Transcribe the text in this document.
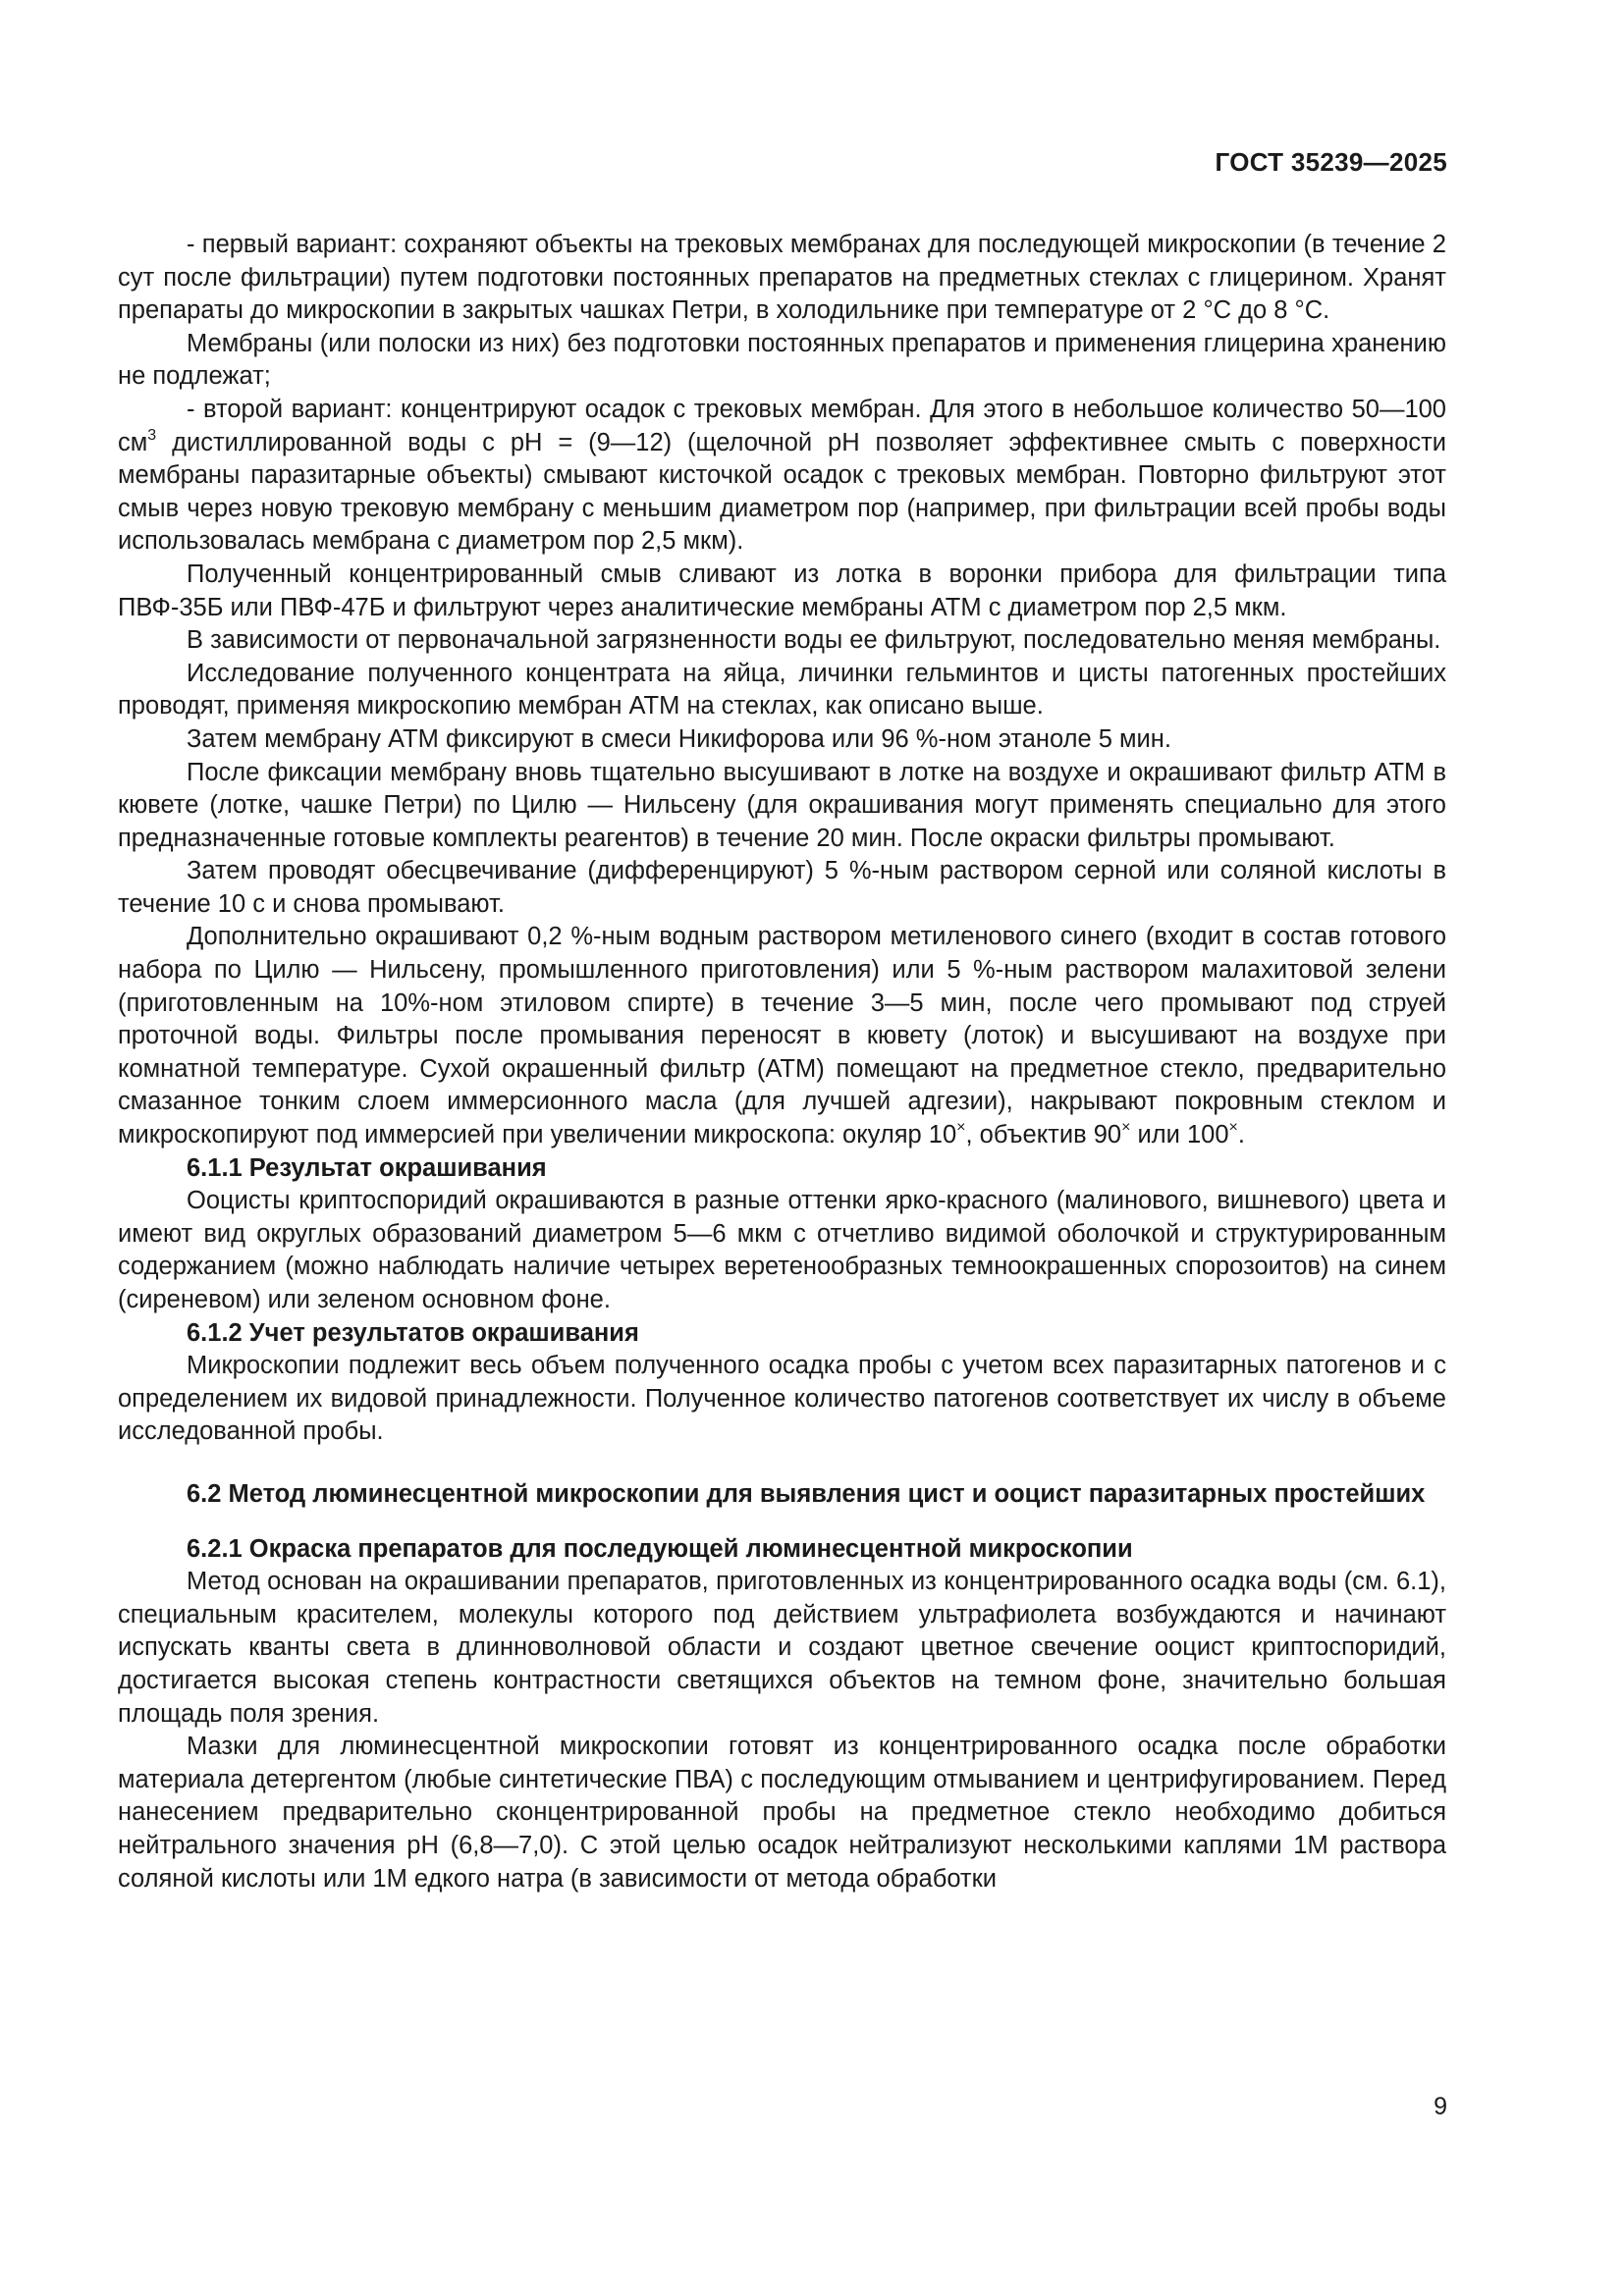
ГОСТ 35239—2025

- первый вариант: сохраняют объекты на трековых мембранах для последующей микроскопии (в течение 2 сут после фильтрации) путем подготовки постоянных препаратов на предметных стеклах с глицерином. Хранят препараты до микроскопии в закрытых чашках Петри, в холодильнике при температуре от 2 °С до 8 °С.

Мембраны (или полоски из них) без подготовки постоянных препаратов и применения глицерина хранению не подлежат;

- второй вариант: концентрируют осадок с трековых мембран. Для этого в небольшое количество 50—100 $см^3$ дистиллированной воды с pH = (9—12) (щелочной pH позволяет эффективнее смыть с поверхности мембраны паразитарные объекты) смывают кисточкой осадок с трековых мембран. Повторно фильтруют этот смыв через новую трековую мембрану с меньшим диаметром пор (например, при фильтрации всей пробы воды использовалась мембрана с диаметром пор 2,5 мкм).

Полученный концентрированный смыв сливают из лотка в воронки прибора для фильтрации типа ПВФ-35Б или ПВФ-47Б и фильтруют через аналитические мембраны АТМ с диаметром пор 2,5 мкм.

В зависимости от первоначальной загрязненности воды ее фильтруют, последовательно меняя мембраны.

Исследование полученного концентрата на яйца, личинки гельминтов и цисты патогенных простейших проводят, применяя микроскопию мембран АТМ на стеклах, как описано выше.

Затем мембрану АТМ фиксируют в смеси Никифорова или 96 %-ном этаноле 5 мин.

После фиксации мембрану вновь тщательно высушивают в лотке на воздухе и окрашивают фильтр АТМ в кювете (лотке, чашке Петри) по Цилю — Нильсену (для окрашивания могут применять специально для этого предназначенные готовые комплекты реагентов) в течение 20 мин. После окраски фильтры промывают.

Затем проводят обесцвечивание (дифференцируют) 5 %-ным раствором серной или соляной кислоты в течение 10 с и снова промывают.

Дополнительно окрашивают 0,2 %-ным водным раствором метиленового синего (входит в состав готового набора по Цилю — Нильсену, промышленного приготовления) или 5 %-ным раствором малахитовой зелени (приготовленным на 10%-ном этиловом спирте) в течение 3—5 мин, после чего промывают под струей проточной воды. Фильтры после промывания переносят в кювету (лоток) и высушивают на воздухе при комнатной температуре. Сухой окрашенный фильтр (АТМ) помещают на предметное стекло, предварительно смазанное тонким слоем иммерсионного масла (для лучшей адгезии), накрывают покровным стеклом и микроскопируют под иммерсией при увеличении микроскопа: окуляр 10×, объектив 90× или 100×.

6.1.1 Результат окрашивания

Ооцисты криптоспоридий окрашиваются в разные оттенки ярко-красного (малинового, вишневого) цвета и имеют вид округлых образований диаметром 5—6 мкм с отчетливо видимой оболочкой и структурированным содержанием (можно наблюдать наличие четырех веретенообразных темноокрашенных спорозоитов) на синем (сиреневом) или зеленом основном фоне.

6.1.2 Учет результатов окрашивания

Микроскопии подлежит весь объем полученного осадка пробы с учетом всех паразитарных патогенов и с определением их видовой принадлежности. Полученное количество патогенов соответствует их числу в объеме исследованной пробы.

6.2 Метод люминесцентной микроскопии для выявления цист и ооцист паразитарных простейших
6.2.1 Окраска препаратов для последующей люминесцентной микроскопии

Метод основан на окрашивании препаратов, приготовленных из концентрированного осадка воды (см. 6.1), специальным красителем, молекулы которого под действием ультрафиолета возбуждаются и начинают испускать кванты света в длинноволновой области и создают цветное свечение ооцист криптоспоридий, достигается высокая степень контрастности светящихся объектов на темном фоне, значительно большая площадь поля зрения.

Мазки для люминесцентной микроскопии готовят из концентрированного осадка после обработки материала детергентом (любые синтетические ПВА) с последующим отмыванием и центрифугированием. Перед нанесением предварительно сконцентрированной пробы на предметное стекло необходимо добиться нейтрального значения pH (6,8—7,0). С этой целью осадок нейтрализуют несколькими каплями 1М раствора соляной кислоты или 1М едкого натра (в зависимости от метода обработки

9
